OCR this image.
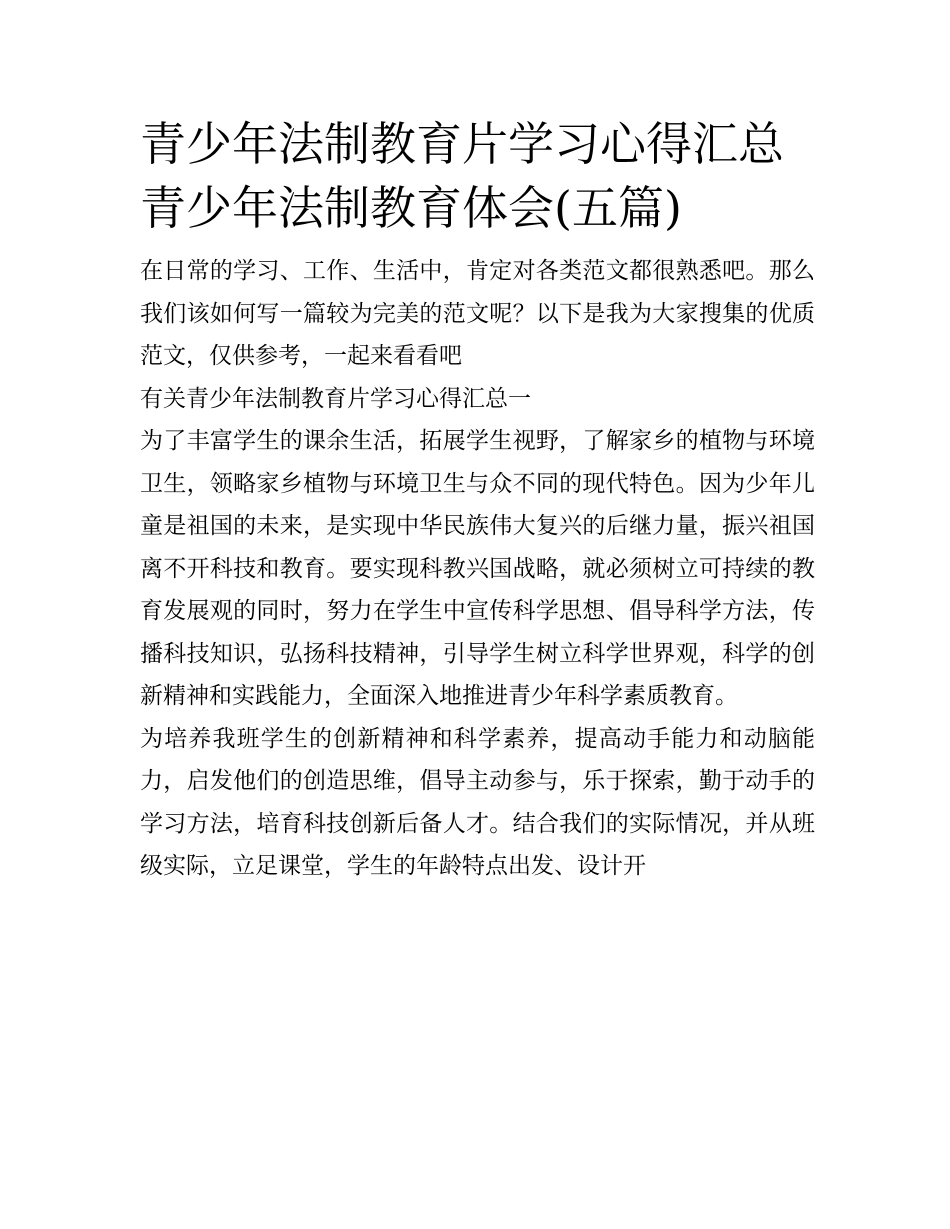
青少年法制教育片学习心得汇总 青少年法制教育体会(五篇)

在日常的学习、工作、生活中，肯定对各类范文都很熟悉吧。那么我们该如何写一篇较为完美的范文呢？以下是我为大家搜集的优质范文，仅供参考，一起来看看吧

有关青少年法制教育片学习心得汇总一

为了丰富学生的课余生活，拓展学生视野，了解家乡的植物与环境卫生，领略家乡植物与环境卫生与众不同的现代特色。因为少年儿童是祖国的未来，是实现中华民族伟大复兴的后继力量，振兴祖国离不开科技和教育。要实现科教兴国战略，就必须树立可持续的教育发展观的同时，努力在学生中宣传科学思想、倡导科学方法，传播科技知识，弘扬科技精神，引导学生树立科学世界观，科学的创新精神和实践能力，全面深入地推进青少年科学素质教育。

为培养我班学生的创新精神和科学素养，提高动手能力和动脑能力，启发他们的创造思维，倡导主动参与，乐于探索，勤于动手的学习方法，培育科技创新后备人才。结合我们的实际情况，并从班级实际，立足课堂，学生的年龄特点出发、设计开
